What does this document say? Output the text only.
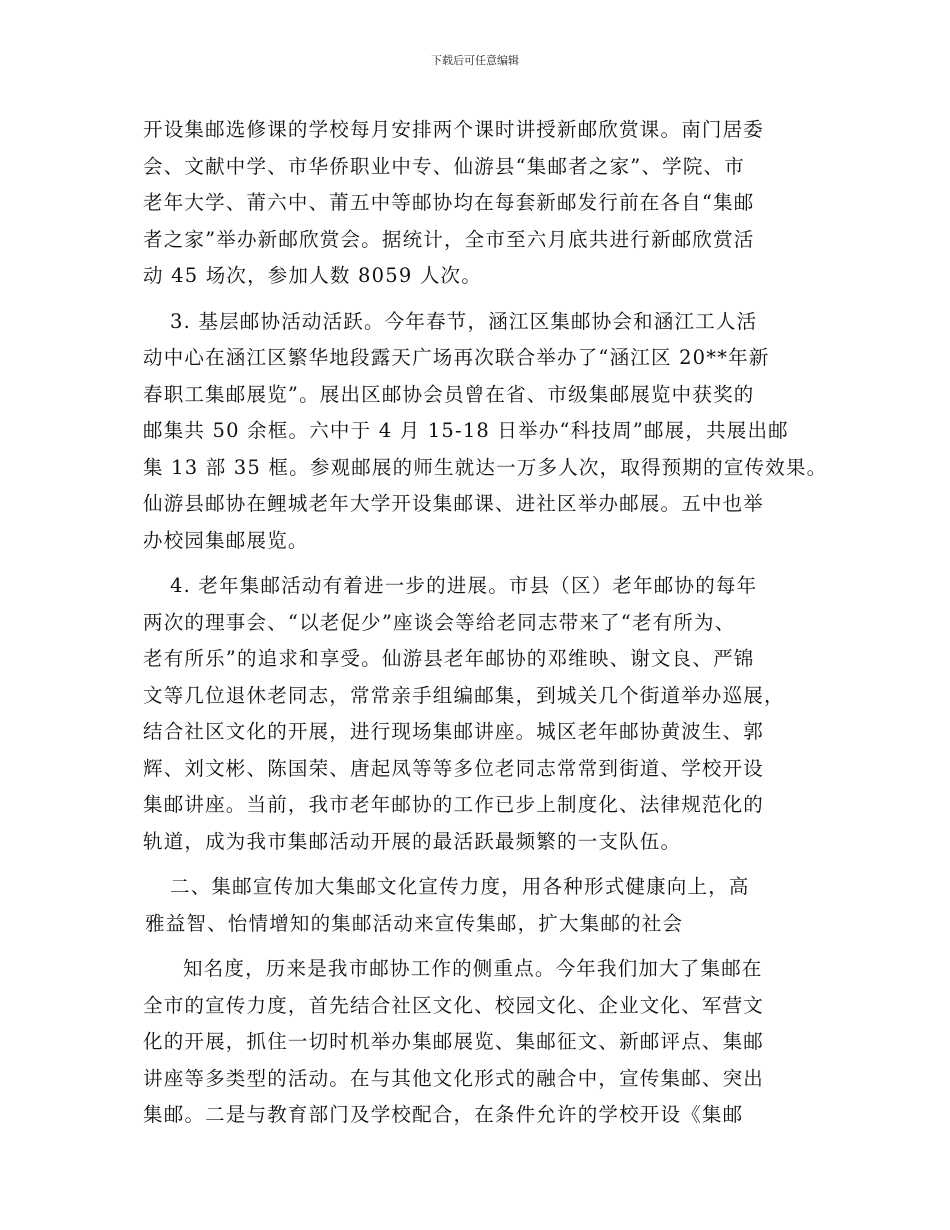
下载后可任意编辑
开设集邮选修课的学校每月安排两个课时讲授新邮欣赏课。南门居委
会、文献中学、市华侨职业中专、仙游县“集邮者之家”、学院、市
老年大学、莆六中、莆五中等邮协均在每套新邮发行前在各自“集邮
者之家”举办新邮欣赏会。据统计，全市至六月底共进行新邮欣赏活
动 45 场次，参加人数 8059 人次。
3. 基层邮协活动活跃。今年春节，涵江区集邮协会和涵江工人活
动中心在涵江区繁华地段露天广场再次联合举办了“涵江区 20**年新
春职工集邮展览”。展出区邮协会员曾在省、市级集邮展览中获奖的
邮集共 50 余框。六中于 4 月 15-18 日举办“科技周”邮展，共展出邮
集 13 部 35 框。参观邮展的师生就达一万多人次，取得预期的宣传效果。
仙游县邮协在鲤城老年大学开设集邮课、进社区举办邮展。五中也举
办校园集邮展览。
4. 老年集邮活动有着进一步的进展。市县（区）老年邮协的每年
两次的理事会、“以老促少”座谈会等给老同志带来了“老有所为、
老有所乐”的追求和享受。仙游县老年邮协的邓维映、谢文良、严锦
文等几位退休老同志，常常亲手组编邮集，到城关几个街道举办巡展，
结合社区文化的开展，进行现场集邮讲座。城区老年邮协黄波生、郭
辉、刘文彬、陈国荣、唐起凤等等多位老同志常常到街道、学校开设
集邮讲座。当前，我市老年邮协的工作已步上制度化、法律规范化的
轨道，成为我市集邮活动开展的最活跃最频繁的一支队伍。
二、集邮宣传加大集邮文化宣传力度，用各种形式健康向上，高
雅益智、怡情增知的集邮活动来宣传集邮，扩大集邮的社会
知名度，历来是我市邮协工作的侧重点。今年我们加大了集邮在
全市的宣传力度，首先结合社区文化、校园文化、企业文化、军营文
化的开展，抓住一切时机举办集邮展览、集邮征文、新邮评点、集邮
讲座等多类型的活动。在与其他文化形式的融合中，宣传集邮、突出
集邮。二是与教育部门及学校配合，在条件允许的学校开设《集邮
